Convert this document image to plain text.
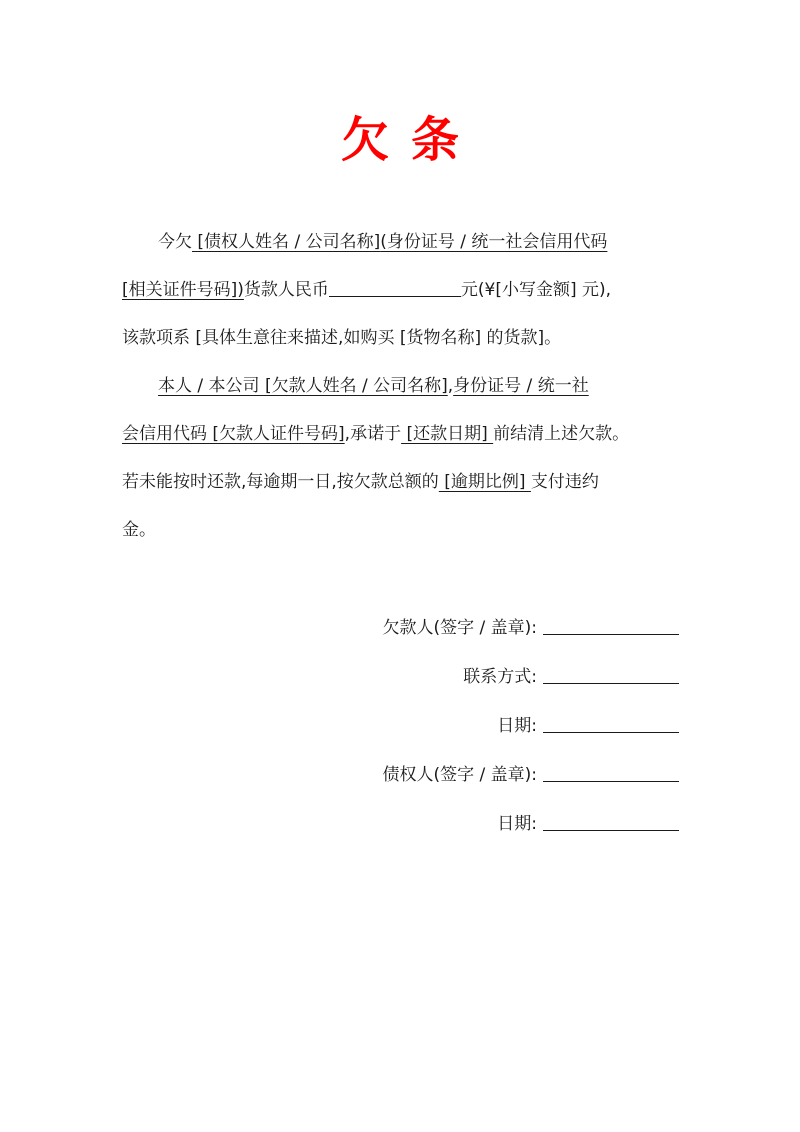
欠 条
今欠 [债权人姓名 / 公司名称](身份证号 / 统一社会信用代码
[相关证件号码])货款人民币	元(¥[小写金额] 元),
该款项系 [具体生意往来描述,如购买 [货物名称] 的货款]。
本人 / 本公司 [欠款人姓名 / 公司名称],身份证号 / 统一社
会信用代码 [欠款人证件号码],承诺于 [还款日期] 前结清上述欠款。
若未能按时还款,每逾期一日,按欠款总额的 [逾期比例] 支付违约
金。
欠款人(签字 / 盖章):
联系方式:
日期:
债权人(签字 / 盖章):
日期:
